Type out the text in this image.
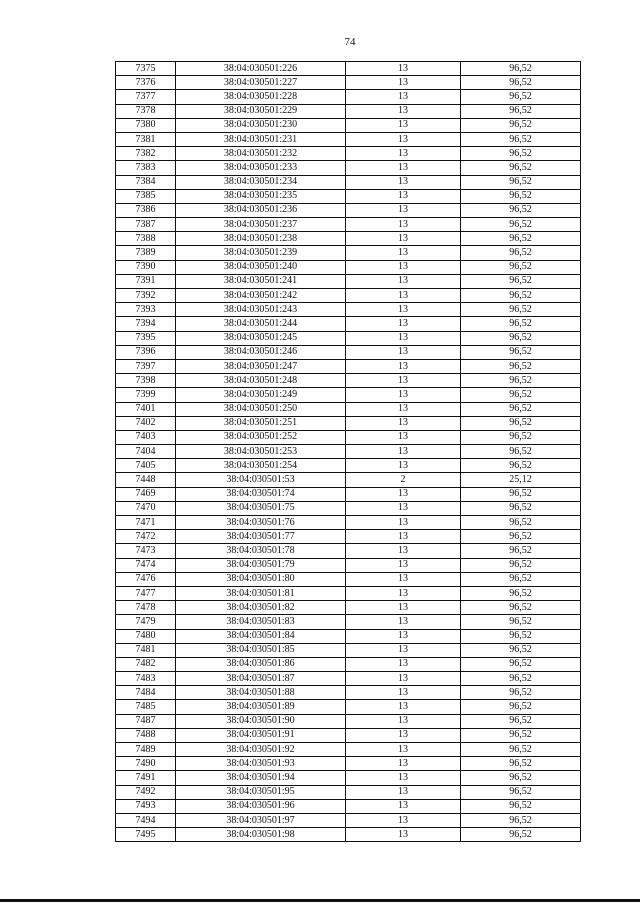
74
7375	38:04:030501:226	13	96,52
7376	38:04:030501:227	13	96,52
7377	38:04:030501:228	13	96,52
7378	38:04:030501:229	13	96,52
7380	38:04:030501:230	13	96,52
7381	38:04:030501:231	13	96,52
7382	38:04:030501:232	13	96,52
7383	38:04:030501:233	13	96,52
7384	38:04:030501:234	13	96,52
7385	38:04:030501:235	13	96,52
7386	38:04:030501:236	13	96,52
7387	38:04:030501:237	13	96,52
7388	38:04:030501:238	13	96,52
7389	38:04:030501:239	13	96,52
7390	38:04:030501:240	13	96,52
7391	38:04:030501:241	13	96,52
7392	38:04:030501:242	13	96,52
7393	38:04:030501:243	13	96,52
7394	38:04:030501:244	13	96,52
7395	38:04:030501:245	13	96,52
7396	38:04:030501:246	13	96,52
7397	38:04:030501:247	13	96,52
7398	38:04:030501:248	13	96,52
7399	38:04:030501:249	13	96,52
7401	38:04:030501:250	13	96,52
7402	38:04:030501:251	13	96,52
7403	38:04:030501:252	13	96,52
7404	38:04:030501:253	13	96,52
7405	38:04:030501:254	13	96,52
7448	38:04:030501:53	2	25,12
7469	38:04:030501:74	13	96,52
7470	38:04:030501:75	13	96,52
7471	38:04:030501:76	13	96,52
7472	38:04:030501:77	13	96,52
7473	38:04:030501:78	13	96,52
7474	38:04:030501:79	13	96,52
7476	38:04:030501:80	13	96,52
7477	38:04:030501:81	13	96,52
7478	38:04:030501:82	13	96,52
7479	38:04:030501:83	13	96,52
7480	38:04:030501:84	13	96,52
7481	38:04:030501:85	13	96,52
7482	38:04:030501:86	13	96,52
7483	38:04:030501:87	13	96,52
7484	38:04:030501:88	13	96,52
7485	38:04:030501:89	13	96,52
7487	38:04:030501:90	13	96,52
7488	38:04:030501:91	13	96,52
7489	38:04:030501:92	13	96,52
7490	38:04:030501:93	13	96,52
7491	38:04:030501:94	13	96,52
7492	38:04:030501:95	13	96,52
7493	38:04:030501:96	13	96,52
7494	38:04:030501:97	13	96,52
7495	38:04:030501:98	13	96,52
